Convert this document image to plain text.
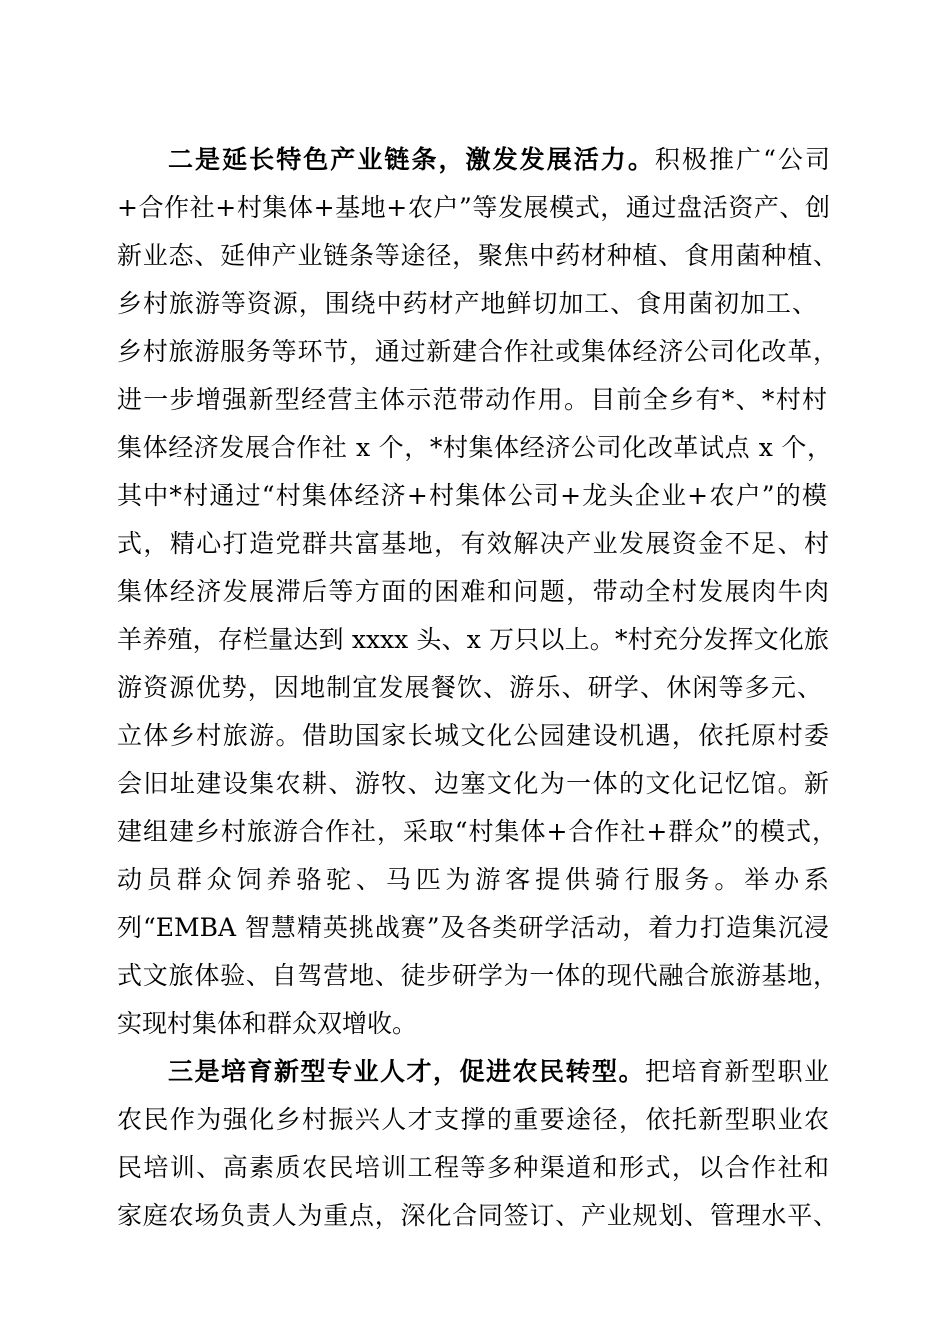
二是延长特色产业链条，激发发展活力。积极推广“公司
+合作社+村集体+基地+农户”等发展模式，通过盘活资产、创
新业态、延伸产业链条等途径，聚焦中药材种植、食用菌种植、
乡村旅游等资源，围绕中药材产地鲜切加工、食用菌初加工、
乡村旅游服务等环节，通过新建合作社或集体经济公司化改革，
进一步增强新型经营主体示范带动作用。目前全乡有*、*村村
集体经济发展合作社 x 个，*村集体经济公司化改革试点 x 个，
其中*村通过“村集体经济+村集体公司+龙头企业+农户”的模
式，精心打造党群共富基地，有效解决产业发展资金不足、村
集体经济发展滞后等方面的困难和问题，带动全村发展肉牛肉
羊养殖，存栏量达到 xxxx 头、x 万只以上。*村充分发挥文化旅
游资源优势，因地制宜发展餐饮、游乐、研学、休闲等多元、
立体乡村旅游。借助国家长城文化公园建设机遇，依托原村委
会旧址建设集农耕、游牧、边塞文化为一体的文化记忆馆。新
建组建乡村旅游合作社，采取“村集体+合作社+群众”的模式，
动员群众饲养骆驼、马匹为游客提供骑行服务。举办系
列“EMBA 智慧精英挑战赛”及各类研学活动，着力打造集沉浸
式文旅体验、自驾营地、徒步研学为一体的现代融合旅游基地，
实现村集体和群众双增收。
三是培育新型专业人才，促进农民转型。把培育新型职业
农民作为强化乡村振兴人才支撑的重要途径，依托新型职业农
民培训、高素质农民培训工程等多种渠道和形式，以合作社和
家庭农场负责人为重点，深化合同签订、产业规划、管理水平、
